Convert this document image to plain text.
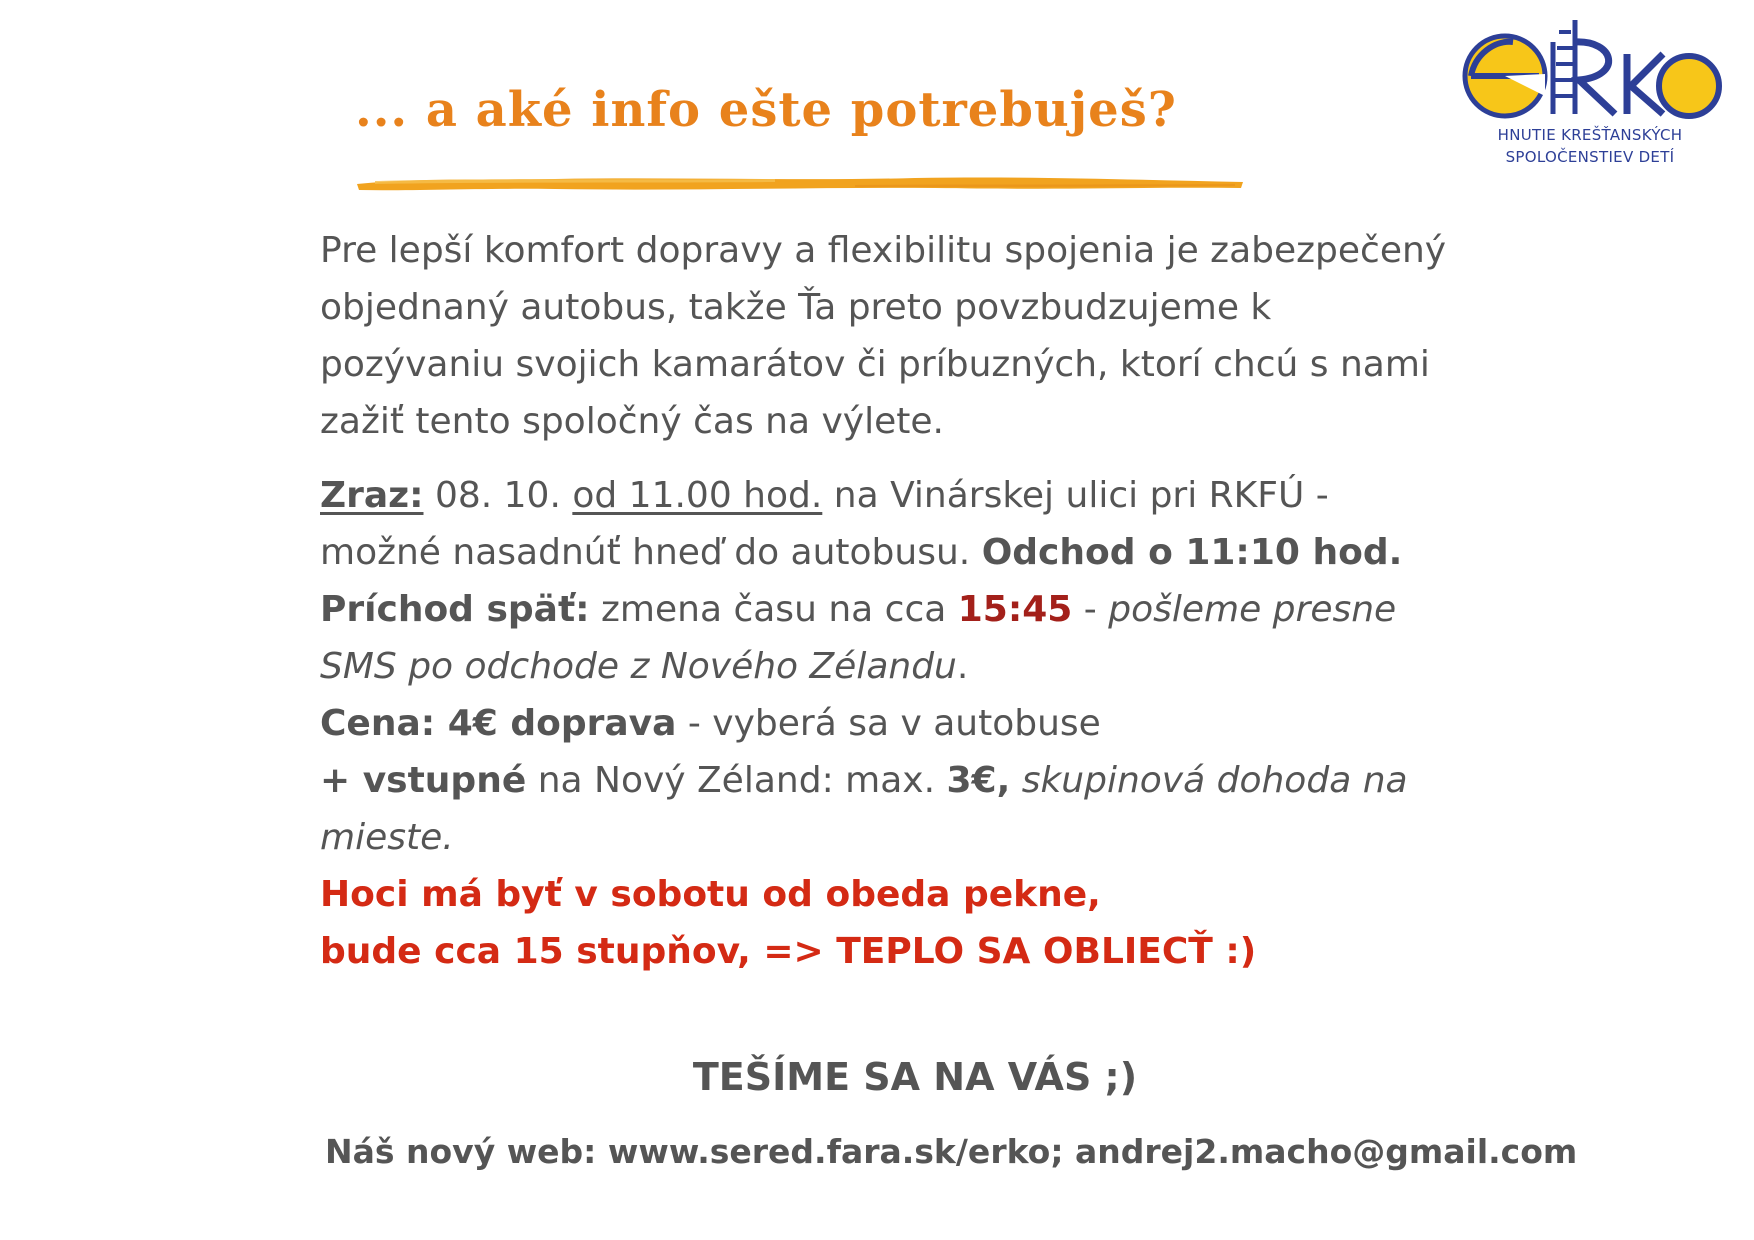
... a aké info ešte potrebuješ?	HNUTIE KREŠŤANSKÝCH
SPOLOČENSTIEV DETÍ

Pre lepší komfort dopravy a flexibilitu spojenia je zabezpečený objednaný autobus, takže Ťa preto povzbudzujeme k pozývaniu svojich kamarátov či príbuzných, ktorí chcú s nami zažiť tento spoločný čas na výlete.

Zraz: 08. 10. od 11.00 hod. na Vinárskej ulici pri RKFÚ - možné nasadnúť hneď do autobusu. Odchod o 11:10 hod.
Príchod späť: zmena času na cca 15:45 - pošleme presne SMS po odchode z Nového Zélandu.
Cena: 4€ doprava - vyberá sa v autobuse
+ vstupné na Nový Zéland: max. 3€, skupinová dohoda na mieste.
Hoci má byť v sobotu od obeda pekne,
bude cca 15 stupňov, => TEPLO SA OBLIECŤ :)

TEŠÍME SA NA VÁS ;)
Náš nový web: www.sered.fara.sk/erko; andrej2.macho@gmail.com
